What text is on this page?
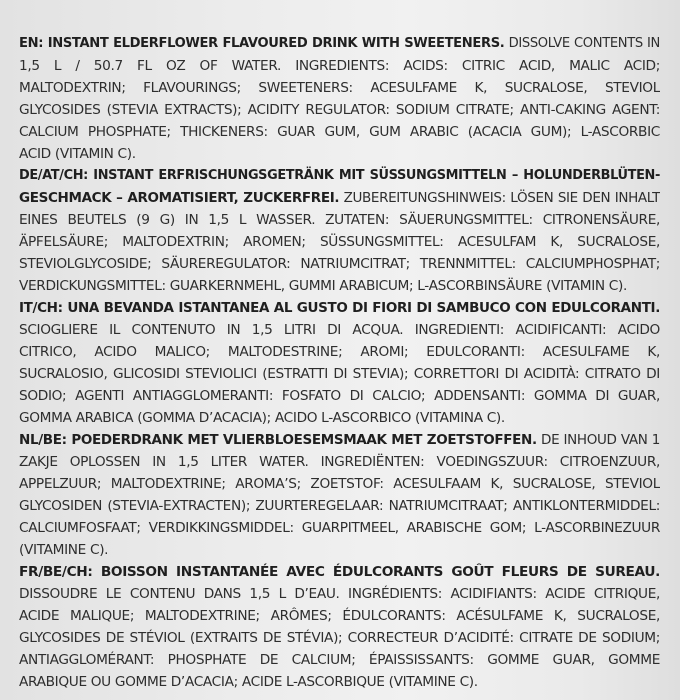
EN: INSTANT ELDERFLOWER FLAVOURED DRINK WITH SWEETENERS. DISSOLVE CONTENTS IN
1,5 L / 50.7 FL OZ OF WATER. INGREDIENTS: ACIDS: CITRIC ACID, MALIC ACID;
MALTODEXTRIN; FLAVOURINGS; SWEETENERS: ACESULFAME K, SUCRALOSE, STEVIOL
GLYCOSIDES (STEVIA EXTRACTS); ACIDITY REGULATOR: SODIUM CITRATE; ANTI-CAKING AGENT:
CALCIUM PHOSPHATE; THICKENERS: GUAR GUM, GUM ARABIC (ACACIA GUM); L-ASCORBIC
ACID (VITAMIN C).
DE/AT/CH: INSTANT ERFRISCHUNGSGETRÄNK MIT SÜSSUNGSMITTELN – HOLUNDERBLÜTEN-
GESCHMACK – AROMATISIERT, ZUCKERFREI. ZUBEREITUNGSHINWEIS: LÖSEN SIE DEN INHALT
EINES BEUTELS (9 G) IN 1,5 L WASSER. ZUTATEN: SÄUERUNGSMITTEL: CITRONENSÄURE,
ÄPFELSÄURE; MALTODEXTRIN; AROMEN; SÜSSUNGSMITTEL: ACESULFAM K, SUCRALOSE,
STEVIOLGLYCOSIDE; SÄUREREGULATOR: NATRIUMCITRAT; TRENNMITTEL: CALCIUMPHOSPHAT;
VERDICKUNGSMITTEL: GUARKERNMEHL, GUMMI ARABICUM; L-ASCORBINSÄURE (VITAMIN C).
IT/CH: UNA BEVANDA ISTANTANEA AL GUSTO DI FIORI DI SAMBUCO CON EDULCORANTI.
SCIOGLIERE IL CONTENUTO IN 1,5 LITRI DI ACQUA. INGREDIENTI: ACIDIFICANTI: ACIDO
CITRICO, ACIDO MALICO; MALTODESTRINE; AROMI; EDULCORANTI: ACESULFAME K,
SUCRALOSIO, GLICOSIDI STEVIOLICI (ESTRATTI DI STEVIA); CORRETTORI DI ACIDITÀ: CITRATO DI
SODIO; AGENTI ANTIAGGLOMERANTI: FOSFATO DI CALCIO; ADDENSANTI: GOMMA DI GUAR,
GOMMA ARABICA (GOMMA D’ACACIA); ACIDO L-ASCORBICO (VITAMINA C).
NL/BE: POEDERDRANK MET VLIERBLOESEMSMAAK MET ZOETSTOFFEN. DE INHOUD VAN 1
ZAKJE OPLOSSEN IN 1,5 LITER WATER. INGREDIËNTEN: VOEDINGSZUUR: CITROENZUUR,
APPELZUUR; MALTODEXTRINE; AROMA’S; ZOETSTOF: ACESULFAAM K, SUCRALOSE, STEVIOL
GLYCOSIDEN (STEVIA-EXTRACTEN); ZUURTEREGELAAR: NATRIUMCITRAAT; ANTIKLONTERMIDDEL:
CALCIUMFOSFAAT; VERDIKKINGSMIDDEL: GUARPITMEEL, ARABISCHE GOM; L-ASCORBINEZUUR
(VITAMINE C).
FR/BE/CH: BOISSON INSTANTANÉE AVEC ÉDULCORANTS GOÛT FLEURS DE SUREAU.
DISSOUDRE LE CONTENU DANS 1,5 L D’EAU. INGRÉDIENTS: ACIDIFIANTS: ACIDE CITRIQUE,
ACIDE MALIQUE; MALTODEXTRINE; ARÔMES; ÉDULCORANTS: ACÉSULFAME K, SUCRALOSE,
GLYCOSIDES DE STÉVIOL (EXTRAITS DE STÉVIA); CORRECTEUR D’ACIDITÉ: CITRATE DE SODIUM;
ANTIAGGLOMÉRANT: PHOSPHATE DE CALCIUM; ÉPAISSISSANTS: GOMME GUAR, GOMME
ARABIQUE OU GOMME D’ACACIA; ACIDE L-ASCORBIQUE (VITAMINE C).
